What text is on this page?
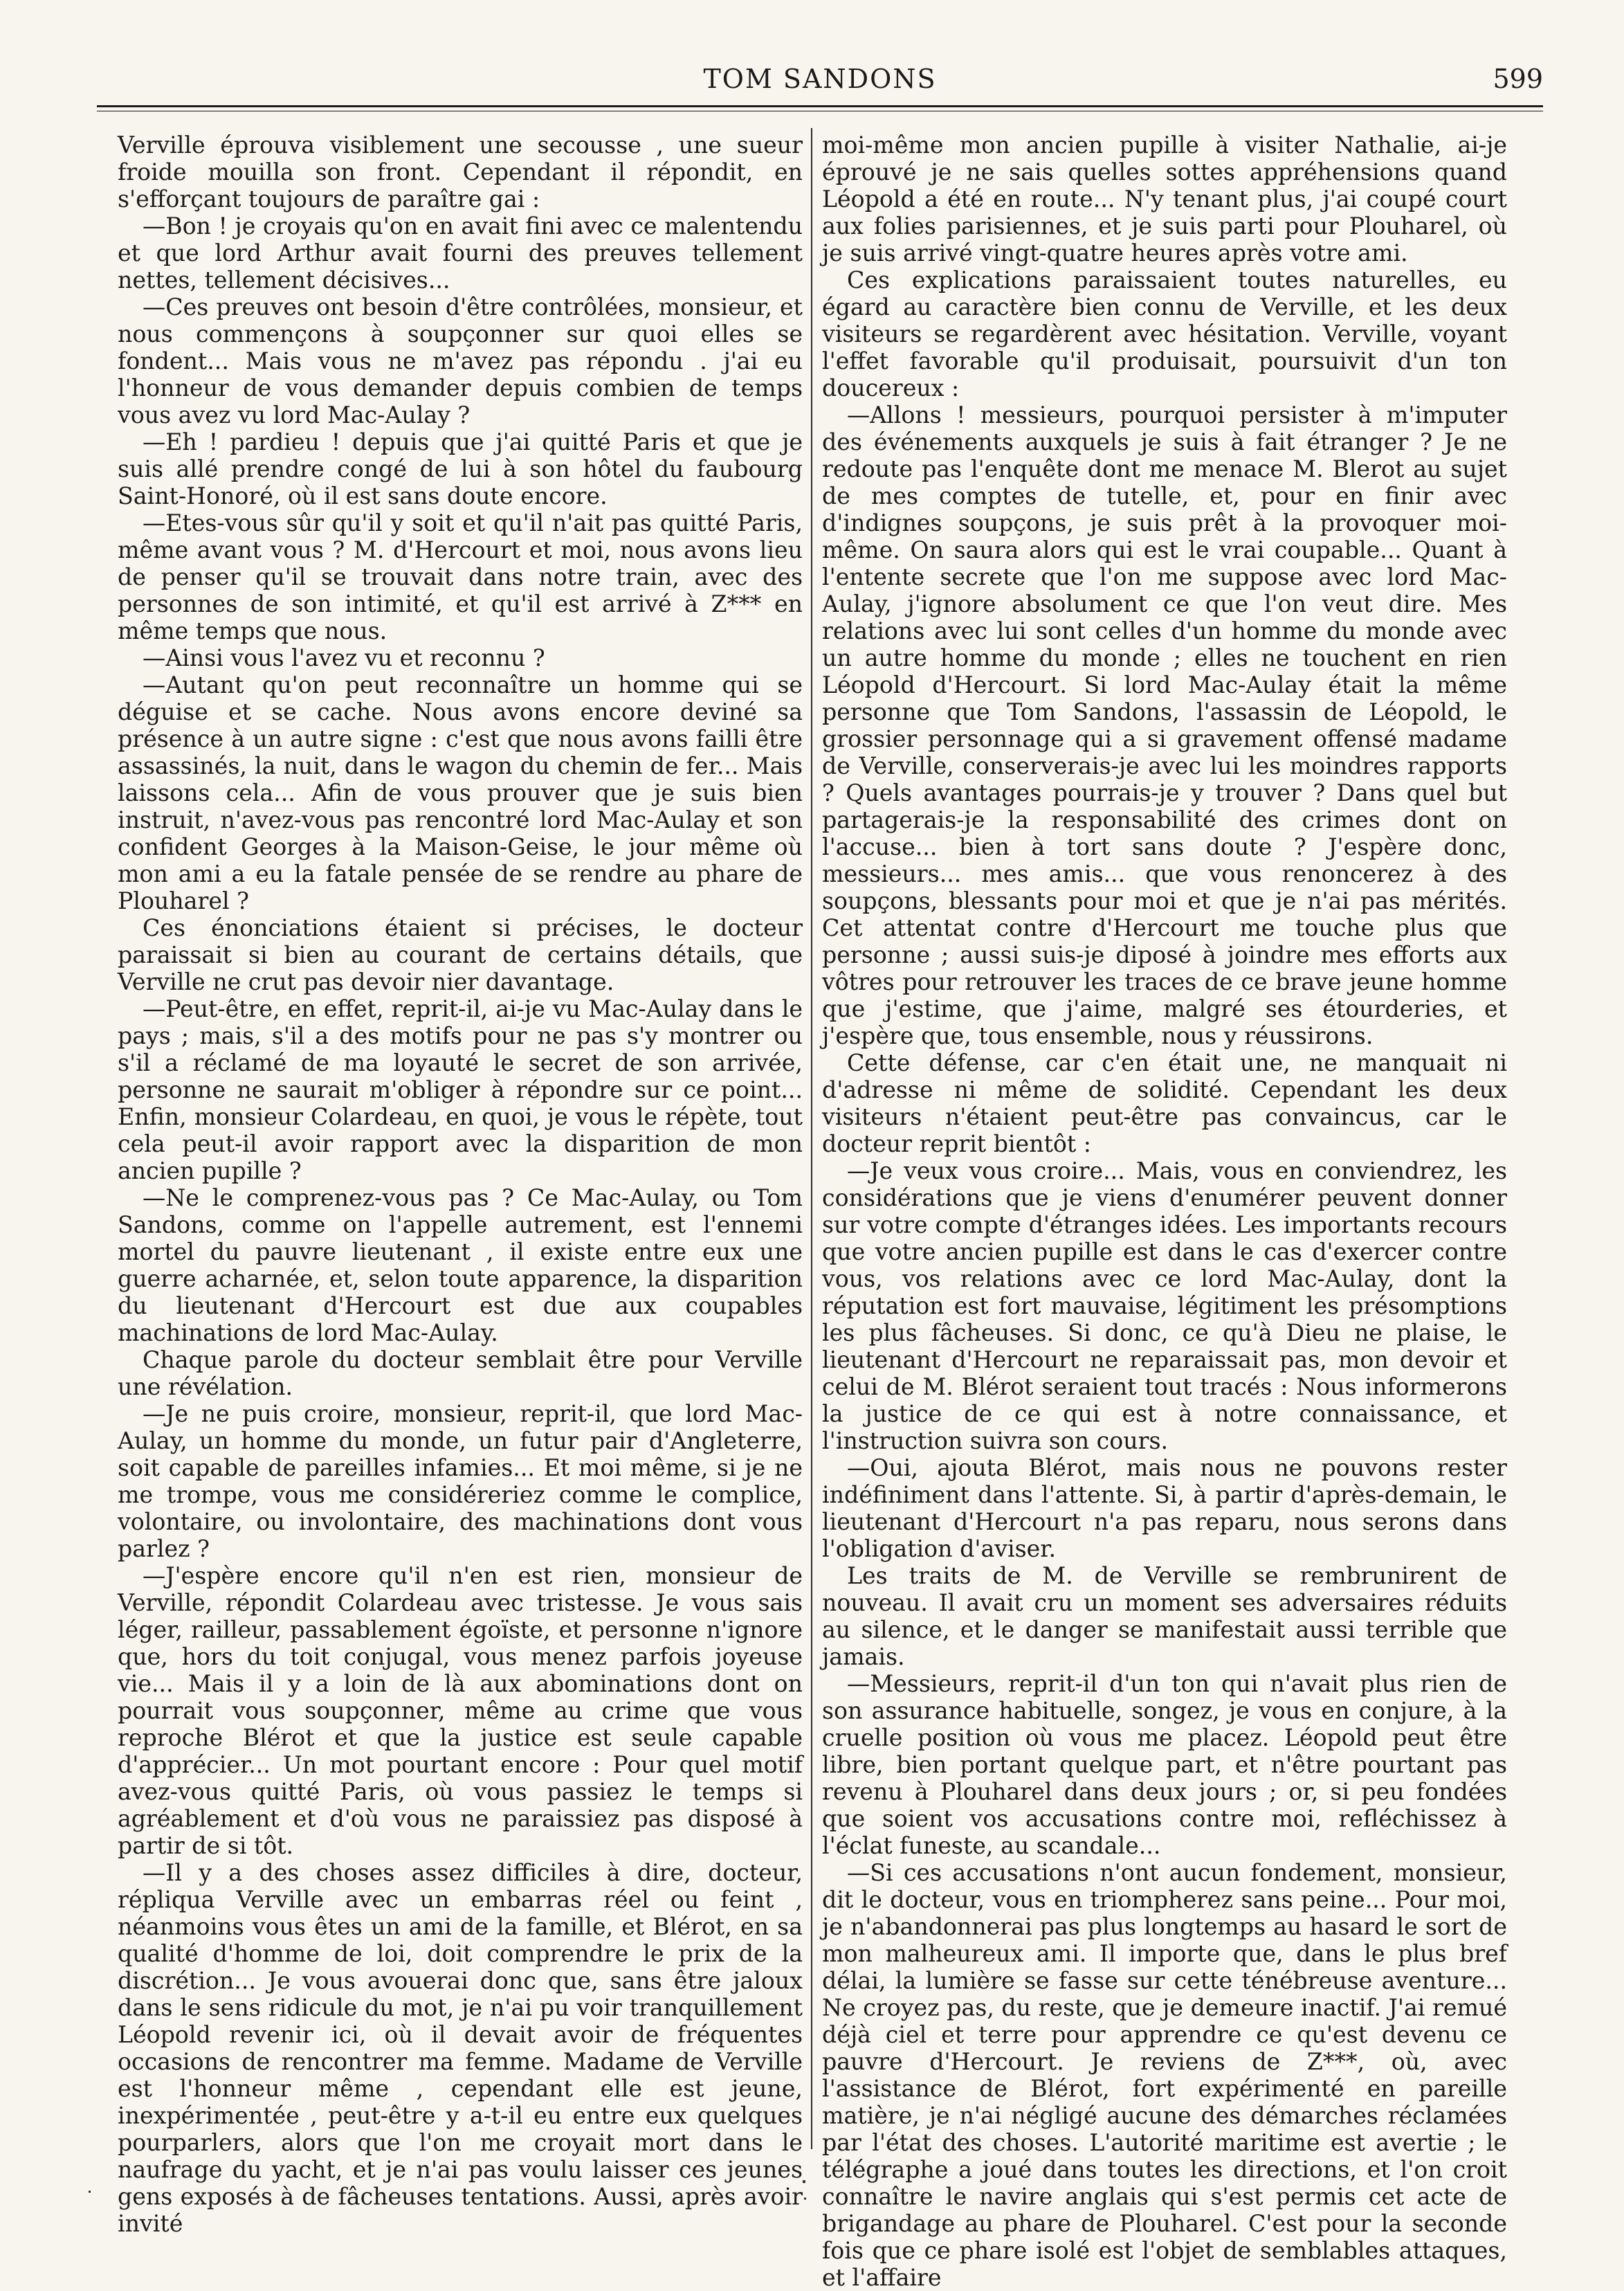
TOM SANDONS	599

Verville éprouva visiblement une secousse , une sueur froide mouilla son front. Cependant il répondit, en s'efforçant toujours de paraître gai :

—Bon ! je croyais qu'on en avait fini avec ce malentendu et que lord Arthur avait fourni des preuves tellement nettes, tellement décisives...

—Ces preuves ont besoin d'être contrôlées, monsieur, et nous commençons à soupçonner sur quoi elles se fondent... Mais vous ne m'avez pas répondu . j'ai eu l'honneur de vous demander depuis combien de temps vous avez vu lord Mac-Aulay ?

—Eh ! pardieu ! depuis que j'ai quitté Paris et que je suis allé prendre congé de lui à son hôtel du faubourg Saint-Honoré, où il est sans doute encore.

—Etes-vous sûr qu'il y soit et qu'il n'ait pas quitté Paris, même avant vous ? M. d'Hercourt et moi, nous avons lieu de penser qu'il se trouvait dans notre train, avec des personnes de son intimité, et qu'il est arrivé à Z*** en même temps que nous.

—Ainsi vous l'avez vu et reconnu ?

—Autant qu'on peut reconnaître un homme qui se déguise et se cache. Nous avons encore deviné sa présence à un autre signe : c'est que nous avons failli être assassinés, la nuit, dans le wagon du chemin de fer... Mais laissons cela... Afin de vous prouver que je suis bien instruit, n'avez-vous pas rencontré lord Mac-Aulay et son confident Georges à la Maison-Geise, le jour même où mon ami a eu la fatale pensée de se rendre au phare de Plouharel ?

Ces énonciations étaient si précises, le docteur paraissait si bien au courant de certains détails, que Verville ne crut pas devoir nier davantage.

—Peut-être, en effet, reprit-il, ai-je vu Mac-Aulay dans le pays ; mais, s'il a des motifs pour ne pas s'y montrer ou s'il a réclamé de ma loyauté le secret de son arrivée, personne ne saurait m'obliger à répondre sur ce point... Enfin, monsieur Colardeau, en quoi, je vous le répète, tout cela peut-il avoir rapport avec la disparition de mon ancien pupille ?

—Ne le comprenez-vous pas ? Ce Mac-Aulay, ou Tom Sandons, comme on l'appelle autrement, est l'ennemi mortel du pauvre lieutenant , il existe entre eux une guerre acharnée, et, selon toute apparence, la disparition du lieutenant d'Hercourt est due aux coupables machinations de lord Mac-Aulay.

Chaque parole du docteur semblait être pour Verville une révélation.

—Je ne puis croire, monsieur, reprit-il, que lord Mac-Aulay, un homme du monde, un futur pair d'Angleterre, soit capable de pareilles infamies... Et moi même, si je ne me trompe, vous me considéreriez comme le complice, volontaire, ou involontaire, des machinations dont vous parlez ?

—J'espère encore qu'il n'en est rien, monsieur de Verville, répondit Colardeau avec tristesse. Je vous sais léger, railleur, passablement égoïste, et personne n'ignore que, hors du toit conjugal, vous menez parfois joyeuse vie... Mais il y a loin de là aux abominations dont on pourrait vous soupçonner, même au crime que vous reproche Blérot et que la justice est seule capable d'apprécier... Un mot pourtant encore : Pour quel motif avez-vous quitté Paris, où vous passiez le temps si agréablement et d'où vous ne paraissiez pas disposé à partir de si tôt.

—Il y a des choses assez difficiles à dire, docteur, répliqua Verville avec un embarras réel ou feint , néanmoins vous êtes un ami de la famille, et Blérot, en sa qualité d'homme de loi, doit comprendre le prix de la discrétion... Je vous avouerai donc que, sans être jaloux dans le sens ridicule du mot, je n'ai pu voir tranquillement Léopold revenir ici, où il devait avoir de fréquentes occasions de rencontrer ma femme. Madame de Verville est l'honneur même , cependant elle est jeune, inexpérimentée , peut-être y a-t-il eu entre eux quelques pourparlers, alors que l'on me croyait mort dans le naufrage du yacht, et je n'ai pas voulu laisser ces jeunes gens exposés à de fâcheuses tentations. Aussi, après avoir invité

moi-même mon ancien pupille à visiter Nathalie, ai-je éprouvé je ne sais quelles sottes appréhensions quand Léopold a été en route... N'y tenant plus, j'ai coupé court aux folies parisiennes, et je suis parti pour Plouharel, où je suis arrivé vingt-quatre heures après votre ami.

Ces explications paraissaient toutes naturelles, eu égard au caractère bien connu de Verville, et les deux visiteurs se regardèrent avec hésitation. Verville, voyant l'effet favorable qu'il produisait, poursuivit d'un ton doucereux :

—Allons ! messieurs, pourquoi persister à m'imputer des événements auxquels je suis à fait étranger ? Je ne redoute pas l'enquête dont me menace M. Blerot au sujet de mes comptes de tutelle, et, pour en finir avec d'indignes soupçons, je suis prêt à la provoquer moi-même. On saura alors qui est le vrai coupable... Quant à l'entente secrete que l'on me suppose avec lord Mac-Aulay, j'ignore absolument ce que l'on veut dire. Mes relations avec lui sont celles d'un homme du monde avec un autre homme du monde ; elles ne touchent en rien Léopold d'Hercourt. Si lord Mac-Aulay était la même personne que Tom Sandons, l'assassin de Léopold, le grossier personnage qui a si gravement offensé madame de Verville, conserverais-je avec lui les moindres rapports ? Quels avantages pourrais-je y trouver ? Dans quel but partagerais-je la responsabilité des crimes dont on l'accuse... bien à tort sans doute ? J'espère donc, messieurs... mes amis... que vous renoncerez à des soupçons, blessants pour moi et que je n'ai pas mérités. Cet attentat contre d'Hercourt me touche plus que personne ; aussi suis-je diposé à joindre mes efforts aux vôtres pour retrouver les traces de ce brave jeune homme que j'estime, que j'aime, malgré ses étourderies, et j'espère que, tous ensemble, nous y réussirons.

Cette défense, car c'en était une, ne manquait ni d'adresse ni même de solidité. Cependant les deux visiteurs n'étaient peut-être pas convaincus, car le docteur reprit bientôt :

—Je veux vous croire... Mais, vous en conviendrez, les considérations que je viens d'enumérer peuvent donner sur votre compte d'étranges idées. Les importants recours que votre ancien pupille est dans le cas d'exercer contre vous, vos relations avec ce lord Mac-Aulay, dont la réputation est fort mauvaise, légitiment les présomptions les plus fâcheuses. Si donc, ce qu'à Dieu ne plaise, le lieutenant d'Hercourt ne reparaissait pas, mon devoir et celui de M. Blérot seraient tout tracés : Nous informerons la justice de ce qui est à notre connaissance, et l'instruction suivra son cours.

—Oui, ajouta Blérot, mais nous ne pouvons rester indéfiniment dans l'attente. Si, à partir d'après-demain, le lieutenant d'Hercourt n'a pas reparu, nous serons dans l'obligation d'aviser.

Les traits de M. de Verville se rembrunirent de nouveau. Il avait cru un moment ses adversaires réduits au silence, et le danger se manifestait aussi terrible que jamais.

—Messieurs, reprit-il d'un ton qui n'avait plus rien de son assurance habituelle, songez, je vous en conjure, à la cruelle position où vous me placez. Léopold peut être libre, bien portant quelque part, et n'être pourtant pas revenu à Plouharel dans deux jours ; or, si peu fondées que soient vos accusations contre moi, refléchissez à l'éclat funeste, au scandale...

—Si ces accusations n'ont aucun fondement, monsieur, dit le docteur, vous en triompherez sans peine... Pour moi, je n'abandonnerai pas plus longtemps au hasard le sort de mon malheureux ami. Il importe que, dans le plus bref délai, la lumière se fasse sur cette ténébreuse aventure... Ne croyez pas, du reste, que je demeure inactif. J'ai remué déjà ciel et terre pour apprendre ce qu'est devenu ce pauvre d'Hercourt. Je reviens de Z***, où, avec l'assistance de Blérot, fort expérimenté en pareille matière, je n'ai négligé aucune des démarches réclamées par l'état des choses. L'autorité maritime est avertie ; le télégraphe a joué dans toutes les directions, et l'on croit connaître le navire anglais qui s'est permis cet acte de brigandage au phare de Plouharel. C'est pour la seconde fois que ce phare isolé est l'objet de semblables attaques, et l'affaire
